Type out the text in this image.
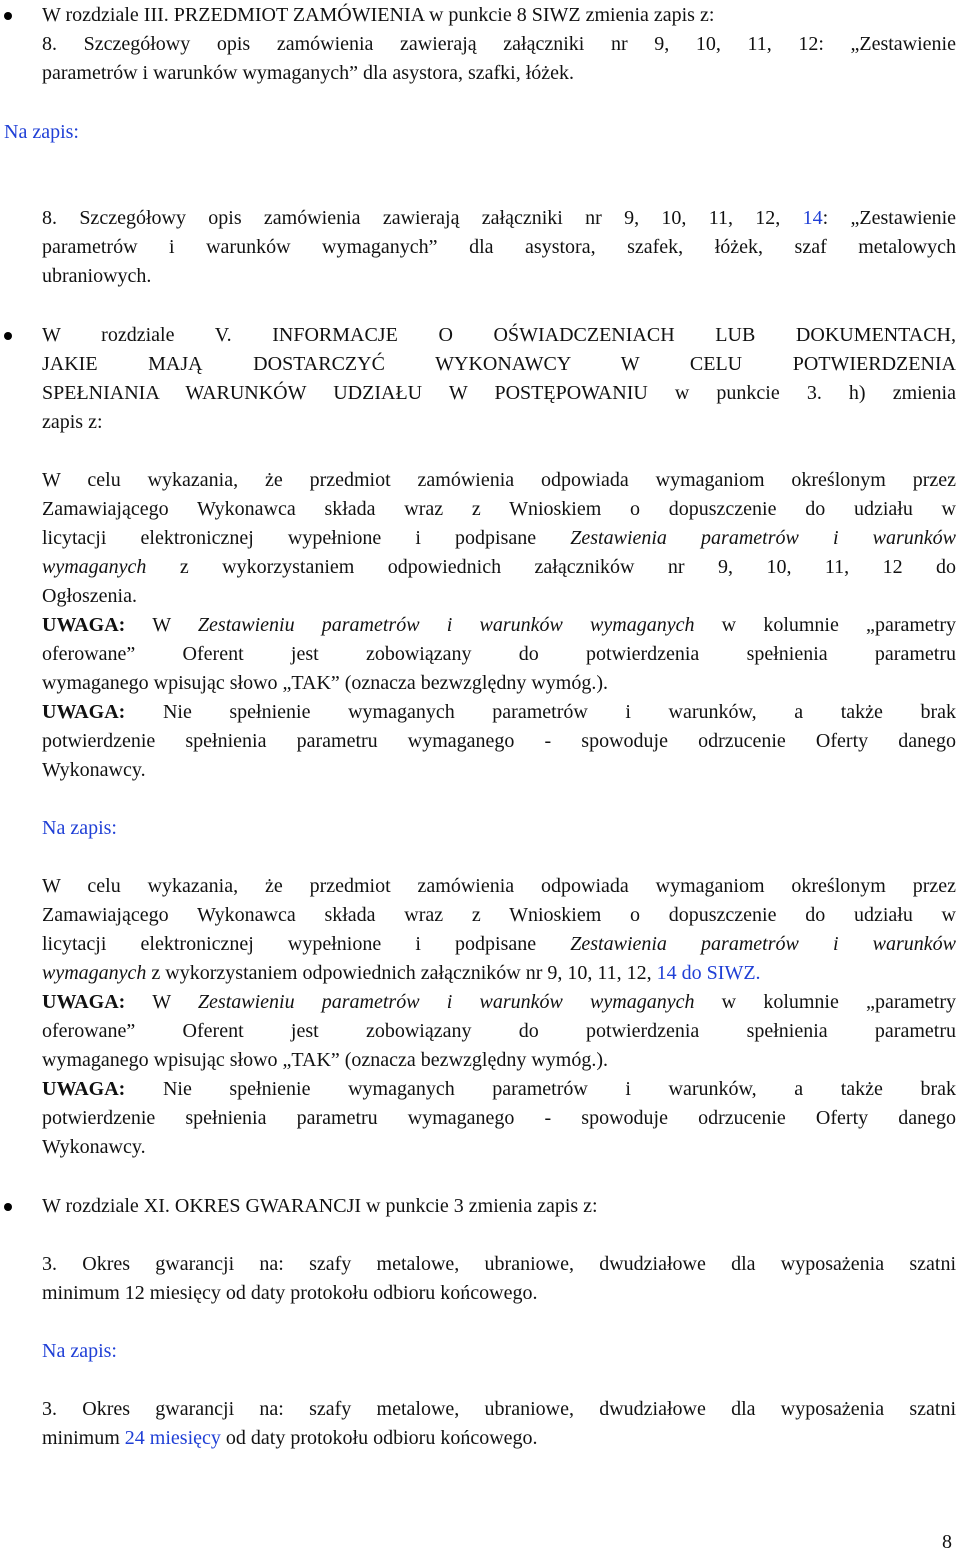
W rozdziale III. PRZEDMIOT ZAMÓWIENIA w punkcie 8 SIWZ zmienia zapis z:
8. Szczegółowy opis zamówienia zawierają załączniki nr 9, 10, 11, 12: „Zestawienie
parametrów i warunków wymaganych” dla asystora, szafki, łóżek.
Na zapis:
8. Szczegółowy opis zamówienia zawierają załączniki nr 9, 10, 11, 12, 14: „Zestawienie
parametrów i warunków wymaganych” dla asystora, szafek, łóżek, szaf metalowych
ubraniowych.
W rozdziale V. INFORMACJE O OŚWIADCZENIACH LUB DOKUMENTACH,
JAKIE MAJĄ DOSTARCZYĆ WYKONAWCY W CELU POTWIERDZENIA
SPEŁNIANIA WARUNKÓW UDZIAŁU W POSTĘPOWANIU w punkcie 3. h) zmienia
zapis z:
W celu wykazania, że przedmiot zamówienia odpowiada wymaganiom określonym przez
Zamawiającego Wykonawca składa wraz z Wnioskiem o dopuszczenie do udziału w
licytacji elektronicznej wypełnione i podpisane Zestawienia parametrów i warunków
wymaganych z wykorzystaniem odpowiednich załączników nr 9, 10, 11, 12 do
Ogłoszenia.
UWAGA: W Zestawieniu parametrów i warunków wymaganych w kolumnie „parametry
oferowane” Oferent jest zobowiązany do potwierdzenia spełnienia parametru
wymaganego wpisując słowo „TAK” (oznacza bezwzględny wymóg.).
UWAGA: Nie spełnienie wymaganych parametrów i warunków, a także brak
potwierdzenie spełnienia parametru wymaganego - spowoduje odrzucenie Oferty danego
Wykonawcy.
Na zapis:
W celu wykazania, że przedmiot zamówienia odpowiada wymaganiom określonym przez
Zamawiającego Wykonawca składa wraz z Wnioskiem o dopuszczenie do udziału w
licytacji elektronicznej wypełnione i podpisane Zestawienia parametrów i warunków
wymaganych z wykorzystaniem odpowiednich załączników nr 9, 10, 11, 12, 14 do SIWZ.
UWAGA: W Zestawieniu parametrów i warunków wymaganych w kolumnie „parametry
oferowane” Oferent jest zobowiązany do potwierdzenia spełnienia parametru
wymaganego wpisując słowo „TAK” (oznacza bezwzględny wymóg.).
UWAGA: Nie spełnienie wymaganych parametrów i warunków, a także brak
potwierdzenie spełnienia parametru wymaganego - spowoduje odrzucenie Oferty danego
Wykonawcy.
W rozdziale XI. OKRES GWARANCJI w punkcie 3 zmienia zapis z:
3. Okres gwarancji na: szafy metalowe, ubraniowe, dwudziałowe dla wyposażenia szatni
minimum 12 miesięcy od daty protokołu odbioru końcowego.
Na zapis:
3. Okres gwarancji na: szafy metalowe, ubraniowe, dwudziałowe dla wyposażenia szatni
minimum 24 miesięcy od daty protokołu odbioru końcowego.
8
